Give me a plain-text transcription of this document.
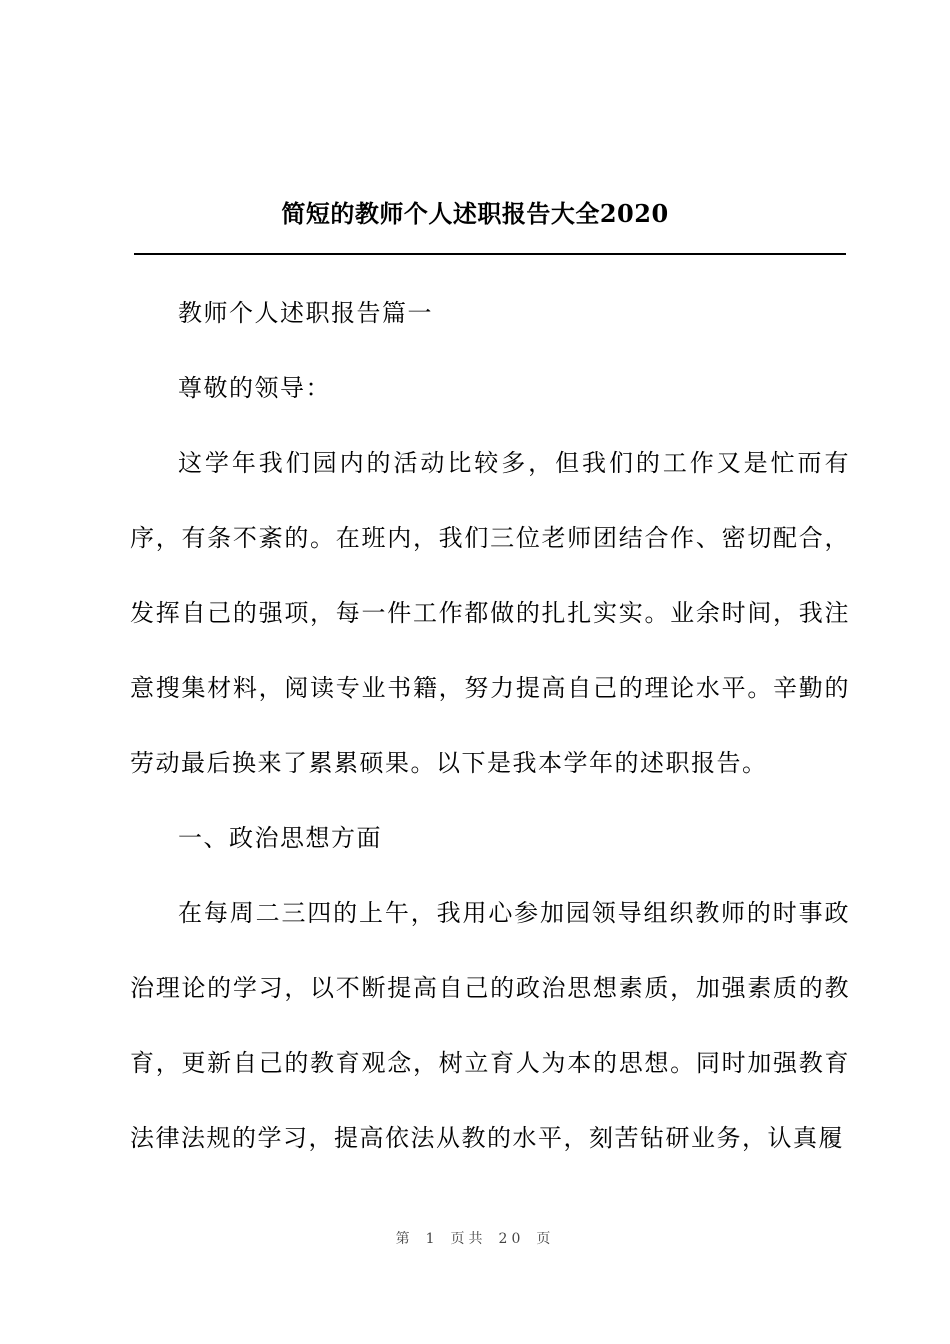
简短的教师个人述职报告大全2020

教师个人述职报告篇一

尊敬的领导：

这学年我们园内的活动比较多，但我们的工作又是忙而有序，有条不紊的。在班内，我们三位老师团结合作、密切配合，发挥自己的强项，每一件工作都做的扎扎实实。业余时间，我注意搜集材料，阅读专业书籍，努力提高自己的理论水平。辛勤的劳动最后换来了累累硕果。以下是我本学年的述职报告。

一、政治思想方面

在每周二三四的上午，我用心参加园领导组织教师的时事政治理论的学习，以不断提高自己的政治思想素质，加强素质的教育，更新自己的教育观念，树立育人为本的思想。同时加强教育法律法规的学习，提高依法从教的水平，刻苦钻研业务，认真履

第 1 页共 20 页
